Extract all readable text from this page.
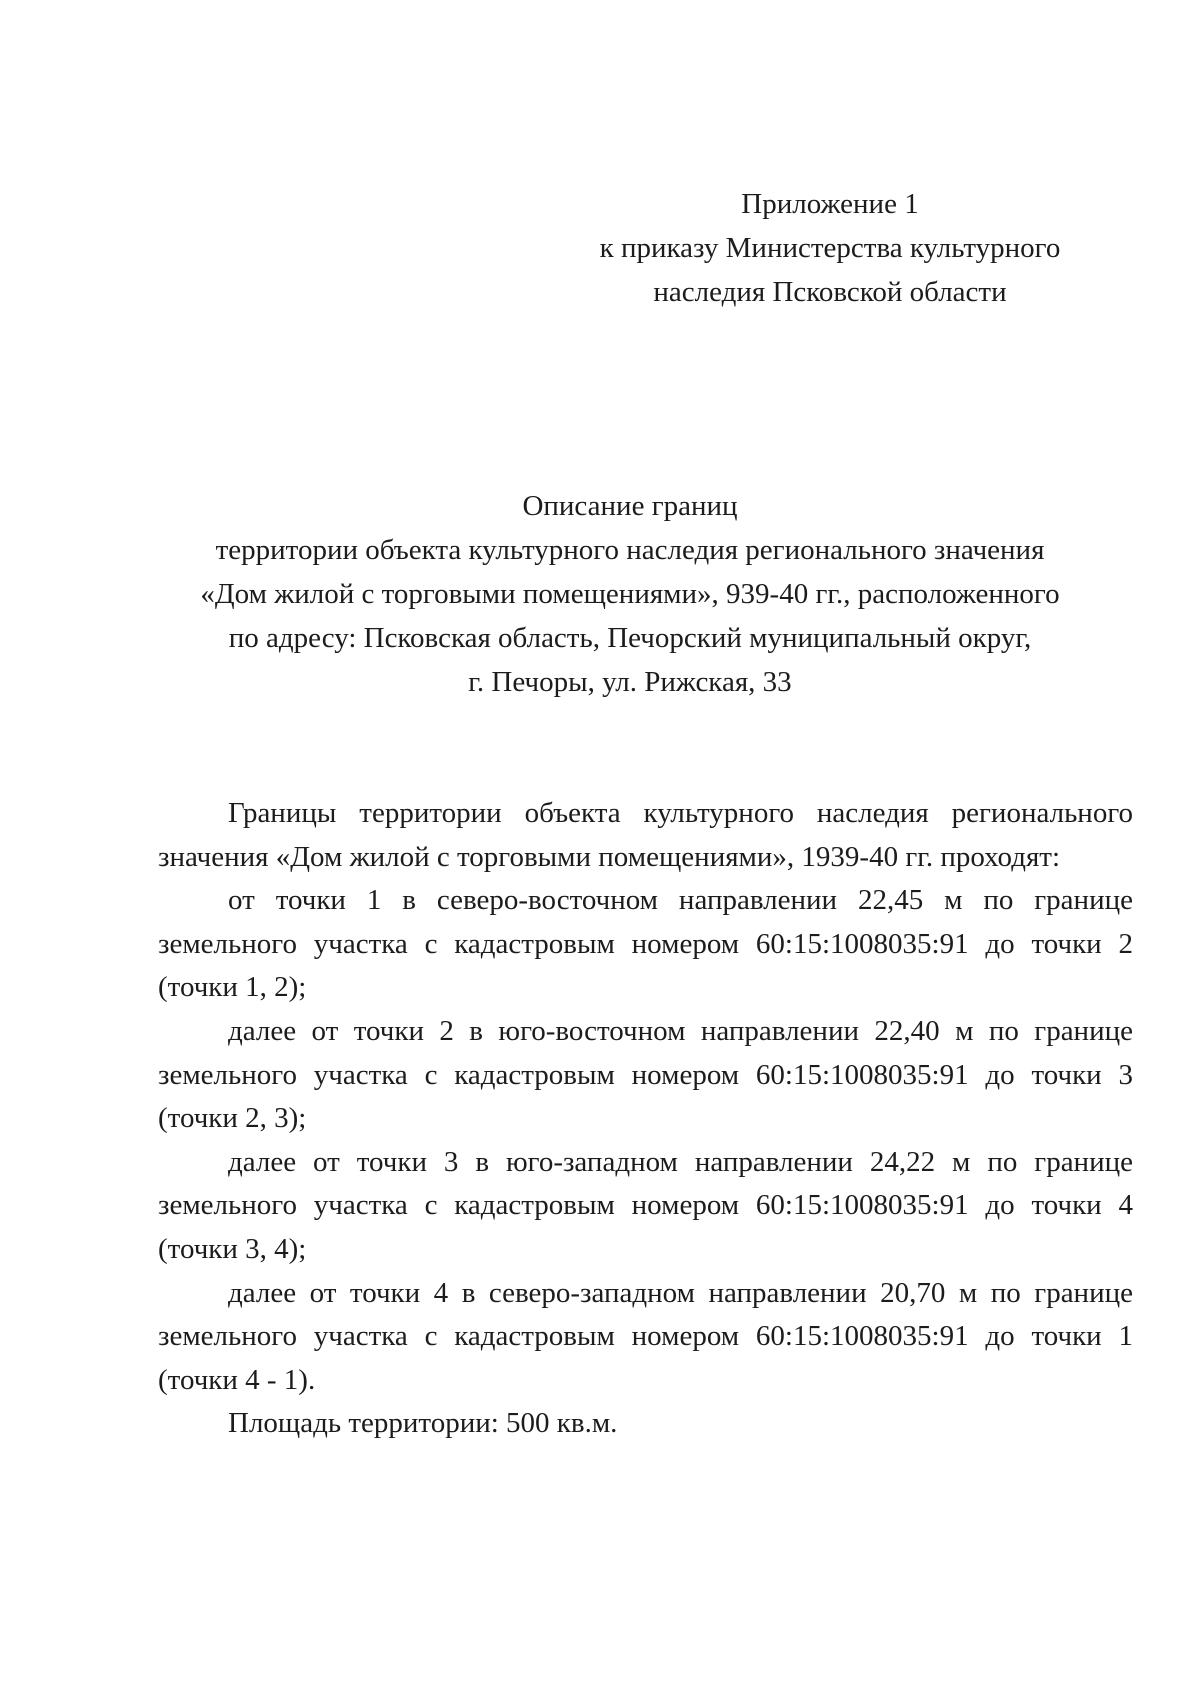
Приложение 1
к приказу Министерства культурного
наследия Псковской области
Описание границ
территории объекта культурного наследия регионального значения
«Дом жилой с торговыми помещениями», 939-40 гг., расположенного
по адресу: Псковская область, Печорский муниципальный округ,
г. Печоры, ул. Рижская, 33

Границы территории объекта культурного наследия регионального значения «Дом жилой с торговыми помещениями», 1939-40 гг. проходят:

от точки 1 в северо-восточном направлении 22,45 м по границе земельного участка с кадастровым номером 60:15:1008035:91 до точки 2 (точки 1, 2);

далее от точки 2 в юго-восточном направлении 22,40 м по границе земельного участка с кадастровым номером 60:15:1008035:91 до точки 3 (точки 2, 3);

далее от точки 3 в юго-западном направлении 24,22 м по границе земельного участка с кадастровым номером 60:15:1008035:91 до точки 4 (точки 3, 4);

далее от точки 4 в северо-западном направлении 20,70 м по границе земельного участка с кадастровым номером 60:15:1008035:91 до точки 1 (точки 4 - 1).

Площадь территории: 500 кв.м.
